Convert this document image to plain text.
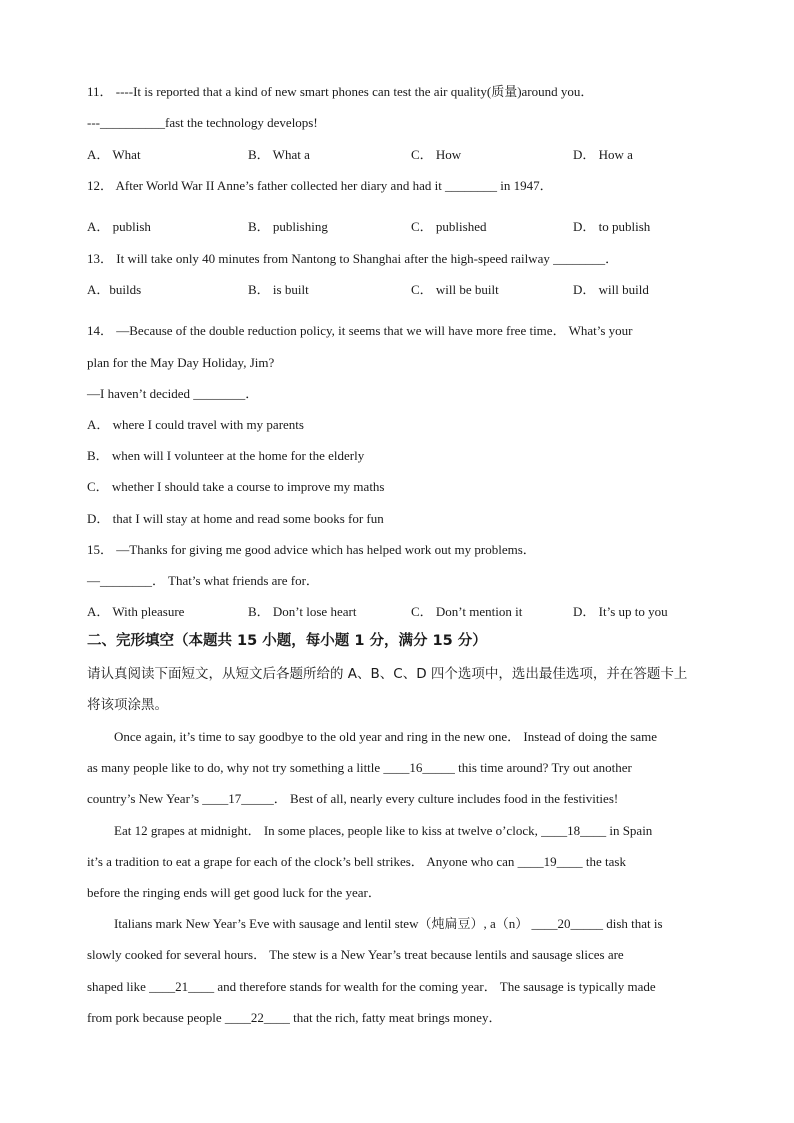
11． ----It is reported that a kind of new smart phones can test the air quality(质量)around you．
---__________fast the technology develops!
A． What	B． What a	C． How	D． How a
12． After World War II Anne’s father collected her diary and had it ________ in 1947．
A． publish	B． publishing	C． published	D． to publish
13． It will take only 40 minutes from Nantong to Shanghai after the high-speed railway ________．
A．builds	B． is built	C． will be built	D． will build
14． —Because of the double reduction policy, it seems that we will have more free time． What’s your
plan for the May Day Holiday, Jim?
—I haven’t decided ________．
A． where I could travel with my parents
B． when will I volunteer at the home for the elderly
C． whether I should take a course to improve my maths
D． that I will stay at home and read some books for fun
15． —Thanks for giving me good advice which has helped work out my problems．
—________． That’s what friends are for．
A． With pleasure	B． Don’t lose heart	C． Don’t mention it	D． It’s up to you
二、完形填空（本题共 15 小题，每小题 1 分，满分 15 分）
请认真阅读下面短文，从短文后各题所给的 A、B、C、D 四个选项中，选出最佳选项，并在答题卡上
将该项涂黑。
Once again, it’s time to say goodbye to the old year and ring in the new one． Instead of doing the same
as many people like to do, why not try something a little ____16_____ this time around? Try out another
country’s New Year’s ____17_____． Best of all, nearly every culture includes food in the festivities!
Eat 12 grapes at midnight． In some places, people like to kiss at twelve o’clock, ____18____ in Spain
it’s a tradition to eat a grape for each of the clock’s bell strikes． Anyone who can ____19____ the task
before the ringing ends will get good luck for the year．
Italians mark New Year’s Eve with sausage and lentil stew（炖扁豆）, a（n） ____20_____ dish that is
slowly cooked for several hours． The stew is a New Year’s treat because lentils and sausage slices are
shaped like ____21____ and therefore stands for wealth for the coming year． The sausage is typically made
from pork because people ____22____ that the rich, fatty meat brings money．
